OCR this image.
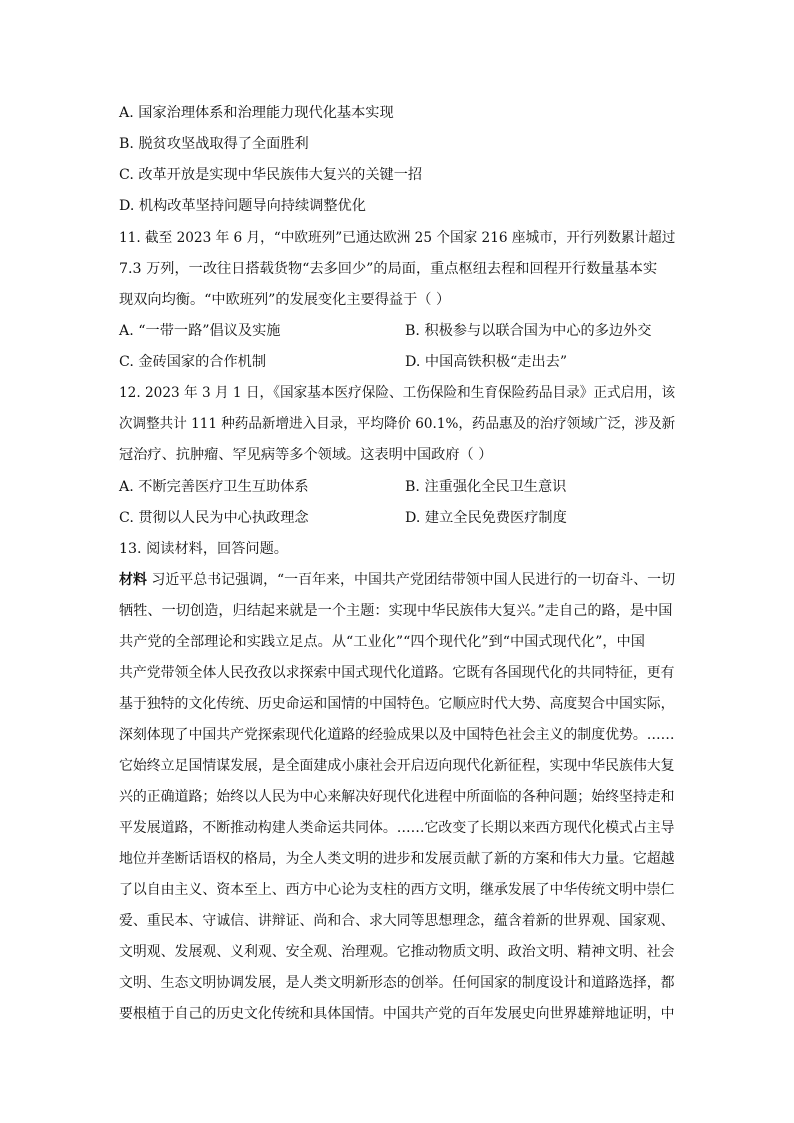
A. 国家治理体系和治理能力现代化基本实现
B. 脱贫攻坚战取得了全面胜利
C. 改革开放是实现中华民族伟大复兴的关键一招
D. 机构改革坚持问题导向持续调整优化
11. 截至 2023 年 6 月，“中欧班列”已通达欧洲 25 个国家 216 座城市，开行列数累计超过
7.3 万列，一改往日搭载货物“去多回少”的局面，重点枢纽去程和回程开行数量基本实
现双向均衡。“中欧班列”的发展变化主要得益于（ ）
A. “一带一路”倡议及实施	B. 积极参与以联合国为中心的多边外交
C. 金砖国家的合作机制	D. 中国高铁积极“走出去”
12. 2023 年 3 月 1 日，《国家基本医疗保险、工伤保险和生育保险药品目录》正式启用，该
次调整共计 111 种药品新增进入目录，平均降价 60.1%，药品惠及的治疗领域广泛，涉及新
冠治疗、抗肿瘤、罕见病等多个领域。这表明中国政府（ ）
A. 不断完善医疗卫生互助体系	B. 注重强化全民卫生意识
C. 贯彻以人民为中心执政理念	D. 建立全民免费医疗制度
13. 阅读材料，回答问题。
材料 习近平总书记强调，“一百年来，中国共产党团结带领中国人民进行的一切奋斗、一切
牺牲、一切创造，归结起来就是一个主题：实现中华民族伟大复兴。”走自己的路，是中国
共产党的全部理论和实践立足点。从“工业化”“四个现代化”到“中国式现代化”，中国
共产党带领全体人民孜孜以求探索中国式现代化道路。它既有各国现代化的共同特征，更有
基于独特的文化传统、历史命运和国情的中国特色。它顺应时代大势、高度契合中国实际，
深刻体现了中国共产党探索现代化道路的经验成果以及中国特色社会主义的制度优势。……
它始终立足国情谋发展，是全面建成小康社会开启迈向现代化新征程，实现中华民族伟大复
兴的正确道路；始终以人民为中心来解决好现代化进程中所面临的各种问题；始终坚持走和
平发展道路，不断推动构建人类命运共同体。……它改变了长期以来西方现代化模式占主导
地位并垄断话语权的格局，为全人类文明的进步和发展贡献了新的方案和伟大力量。它超越
了以自由主义、资本至上、西方中心论为支柱的西方文明，继承发展了中华传统文明中崇仁
爱、重民本、守诚信、讲辩证、尚和合、求大同等思想理念，蕴含着新的世界观、国家观、
文明观、发展观、义利观、安全观、治理观。它推动物质文明、政治文明、精神文明、社会
文明、生态文明协调发展，是人类文明新形态的创举。任何国家的制度设计和道路选择，都
要根植于自己的历史文化传统和具体国情。中国共产党的百年发展史向世界雄辩地证明，中
